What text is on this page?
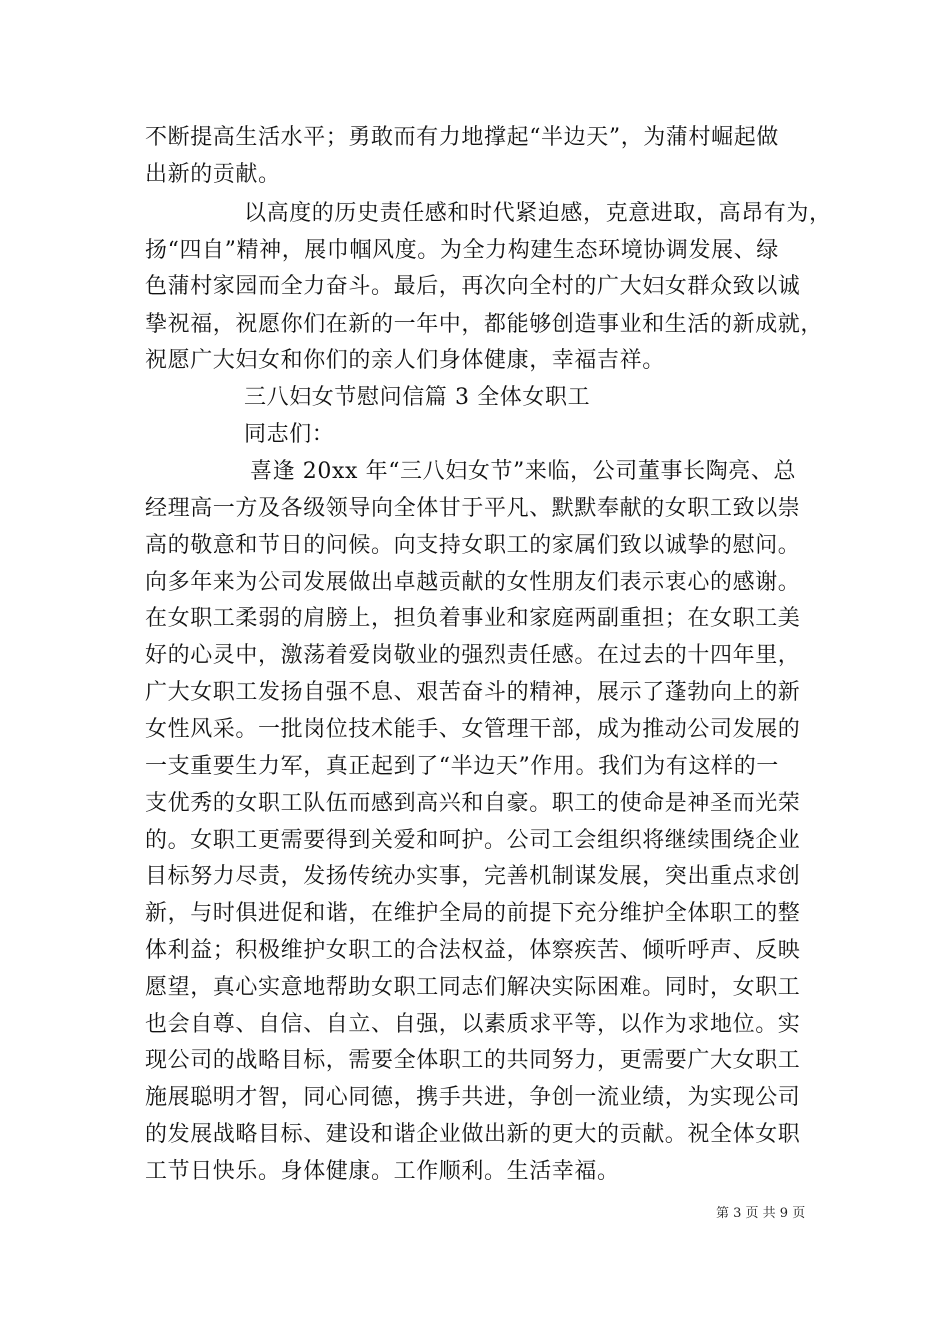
不断提高生活水平；勇敢而有力地撑起“半边天”，为蒲村崛起做
出新的贡献。
以高度的历史责任感和时代紧迫感，克意进取，高昂有为，
扬“四自”精神，展巾帼风度。为全力构建生态环境协调发展、绿
色蒲村家园而全力奋斗。最后，再次向全村的广大妇女群众致以诚
挚祝福，祝愿你们在新的一年中，都能够创造事业和生活的新成就，
祝愿广大妇女和你们的亲人们身体健康，幸福吉祥。
三八妇女节慰问信篇 3 全体女职工
同志们：
喜逢 20xx 年“三八妇女节”来临，公司董事长陶亮、总
经理高一方及各级领导向全体甘于平凡、默默奉献的女职工致以崇
高的敬意和节日的问候。向支持女职工的家属们致以诚挚的慰问。
向多年来为公司发展做出卓越贡献的女性朋友们表示衷心的感谢。
在女职工柔弱的肩膀上，担负着事业和家庭两副重担；在女职工美
好的心灵中，激荡着爱岗敬业的强烈责任感。在过去的十四年里，
广大女职工发扬自强不息、艰苦奋斗的精神，展示了蓬勃向上的新
女性风采。一批岗位技术能手、女管理干部，成为推动公司发展的
一支重要生力军，真正起到了“半边天”作用。我们为有这样的一
支优秀的女职工队伍而感到高兴和自豪。职工的使命是神圣而光荣
的。女职工更需要得到关爱和呵护。公司工会组织将继续围绕企业
目标努力尽责，发扬传统办实事，完善机制谋发展，突出重点求创
新，与时俱进促和谐，在维护全局的前提下充分维护全体职工的整
体利益；积极维护女职工的合法权益，体察疾苦、倾听呼声、反映
愿望，真心实意地帮助女职工同志们解决实际困难。同时，女职工
也会自尊、自信、自立、自强，以素质求平等，以作为求地位。实
现公司的战略目标，需要全体职工的共同努力，更需要广大女职工
施展聪明才智，同心同德，携手共进，争创一流业绩，为实现公司
的发展战略目标、建设和谐企业做出新的更大的贡献。祝全体女职
工节日快乐。身体健康。工作顺利。生活幸福。
第 3 页 共 9 页
